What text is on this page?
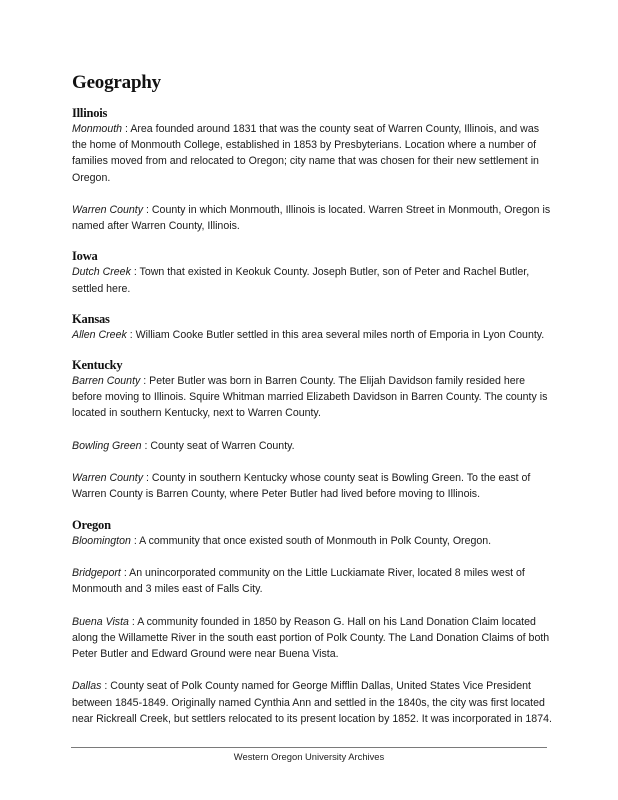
Geography
Illinois

Monmouth : Area founded around 1831 that was the county seat of Warren County, Illinois, and was the home of Monmouth College, established in 1853 by Presbyterians. Location where a number of families moved from and relocated to Oregon; city name that was chosen for their new settlement in Oregon.

Warren County : County in which Monmouth, Illinois is located. Warren Street in Monmouth, Oregon is named after Warren County, Illinois.

Iowa

Dutch Creek : Town that existed in Keokuk County. Joseph Butler, son of Peter and Rachel Butler, settled here.

Kansas

Allen Creek : William Cooke Butler settled in this area several miles north of Emporia in Lyon County.

Kentucky

Barren County : Peter Butler was born in Barren County. The Elijah Davidson family resided here before moving to Illinois. Squire Whitman married Elizabeth Davidson in Barren County. The county is located in southern Kentucky, next to Warren County.

Bowling Green : County seat of Warren County.

Warren County : County in southern Kentucky whose county seat is Bowling Green. To the east of Warren County is Barren County, where Peter Butler had lived before moving to Illinois.

Oregon

Bloomington : A community that once existed south of Monmouth in Polk County, Oregon.

Bridgeport : An unincorporated community on the Little Luckiamate River, located 8 miles west of Monmouth and 3 miles east of Falls City.

Buena Vista : A community founded in 1850 by Reason G. Hall on his Land Donation Claim located along the Willamette River in the south east portion of Polk County. The Land Donation Claims of both Peter Butler and Edward Ground were near Buena Vista.

Dallas : County seat of Polk County named for George Mifflin Dallas, United States Vice President between 1845-1849. Originally named Cynthia Ann and settled in the 1840s, the city was first located near Rickreall Creek, but settlers relocated to its present location by 1852. It was incorporated in 1874.

Western Oregon University Archives
